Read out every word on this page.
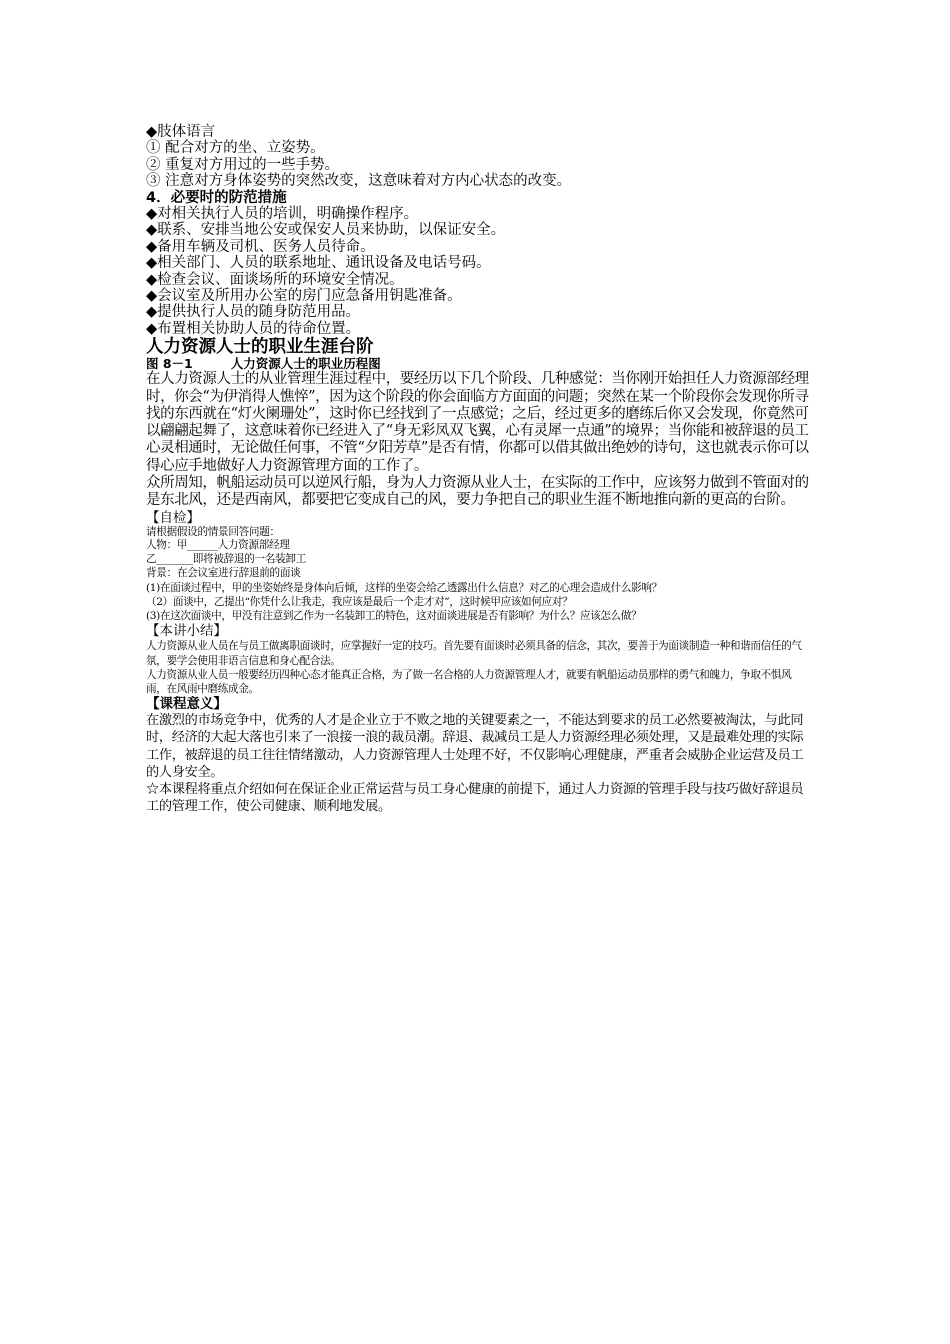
◆肢体语言

① 配合对方的坐、立姿势。

② 重复对方用过的一些手势。

③ 注意对方身体姿势的突然改变，这意味着对方内心状态的改变。

4．必要时的防范措施

◆对相关执行人员的培训，明确操作程序。

◆联系、安排当地公安或保安人员来协助，以保证安全。

◆备用车辆及司机、医务人员待命。

◆相关部门、人员的联系地址、通讯设备及电话号码。

◆检查会议、面谈场所的环境安全情况。

◆会议室及所用办公室的房门应急备用钥匙准备。

◆提供执行人员的随身防范用品。

◆布置相关协助人员的待命位置。

人力资源人士的职业生涯台阶

图 8－1	人力资源人士的职业历程图

在人力资源人士的从业管理生涯过程中，要经历以下几个阶段、几种感觉：当你刚开始担任人力资源部经理时，你会“为伊消得人憔悴”，因为这个阶段的你会面临方方面面的问题；突然在某一个阶段你会发现你所寻找的东西就在“灯火阑珊处”，这时你已经找到了一点感觉；之后，经过更多的磨练后你又会发现，你竟然可以翩翩起舞了，这意味着你已经进入了“身无彩凤双飞翼，心有灵犀一点通”的境界；当你能和被辞退的员工心灵相通时，无论做任何事，不管“夕阳芳草”是否有情，你都可以借其做出绝妙的诗句，这也就表示你可以得心应手地做好人力资源管理方面的工作了。

众所周知，帆船运动员可以逆风行船，身为人力资源从业人士，在实际的工作中，应该努力做到不管面对的是东北风，还是西南风，都要把它变成自己的风，要力争把自己的职业生涯不断地推向新的更高的台阶。

【自检】

请根据假设的情景回答问题：

人物：甲_____人力资源部经理

乙______即将被辞退的一名装卸工

背景：在会议室进行辞退前的面谈

(1)在面谈过程中，甲的坐姿始终是身体向后倾，这样的坐姿会给乙透露出什么信息？对乙的心理会造成什么影响？

（2）面谈中，乙提出“你凭什么让我走，我应该是最后一个走才对”，这时候甲应该如何应对？

(3)在这次面谈中，甲没有注意到乙作为一名装卸工的特色，这对面谈进展是否有影响？为什么？应该怎么做？

【本讲小结】

人力资源从业人员在与员工做离职面谈时，应掌握好一定的技巧。首先要有面谈时必须具备的信念，其次，要善于为面谈制造一种和谐而信任的气氛，要学会使用非语言信息和身心配合法。

人力资源从业人员一般要经历四种心态才能真正合格，为了做一名合格的人力资源管理人才，就要有帆船运动员那样的勇气和魄力，争取不惧风雨，在风雨中磨练成金。

【课程意义】

在激烈的市场竞争中，优秀的人才是企业立于不败之地的关键要素之一，不能达到要求的员工必然要被淘汰，与此同时，经济的大起大落也引来了一浪接一浪的裁员潮。辞退、裁减员工是人力资源经理必须处理，又是最难处理的实际工作，被辞退的员工往往情绪激动，人力资源管理人士处理不好，不仅影响心理健康，严重者会威胁企业运营及员工的人身安全。

☆本课程将重点介绍如何在保证企业正常运营与员工身心健康的前提下，通过人力资源的管理手段与技巧做好辞退员工的管理工作，使公司健康、顺利地发展。
